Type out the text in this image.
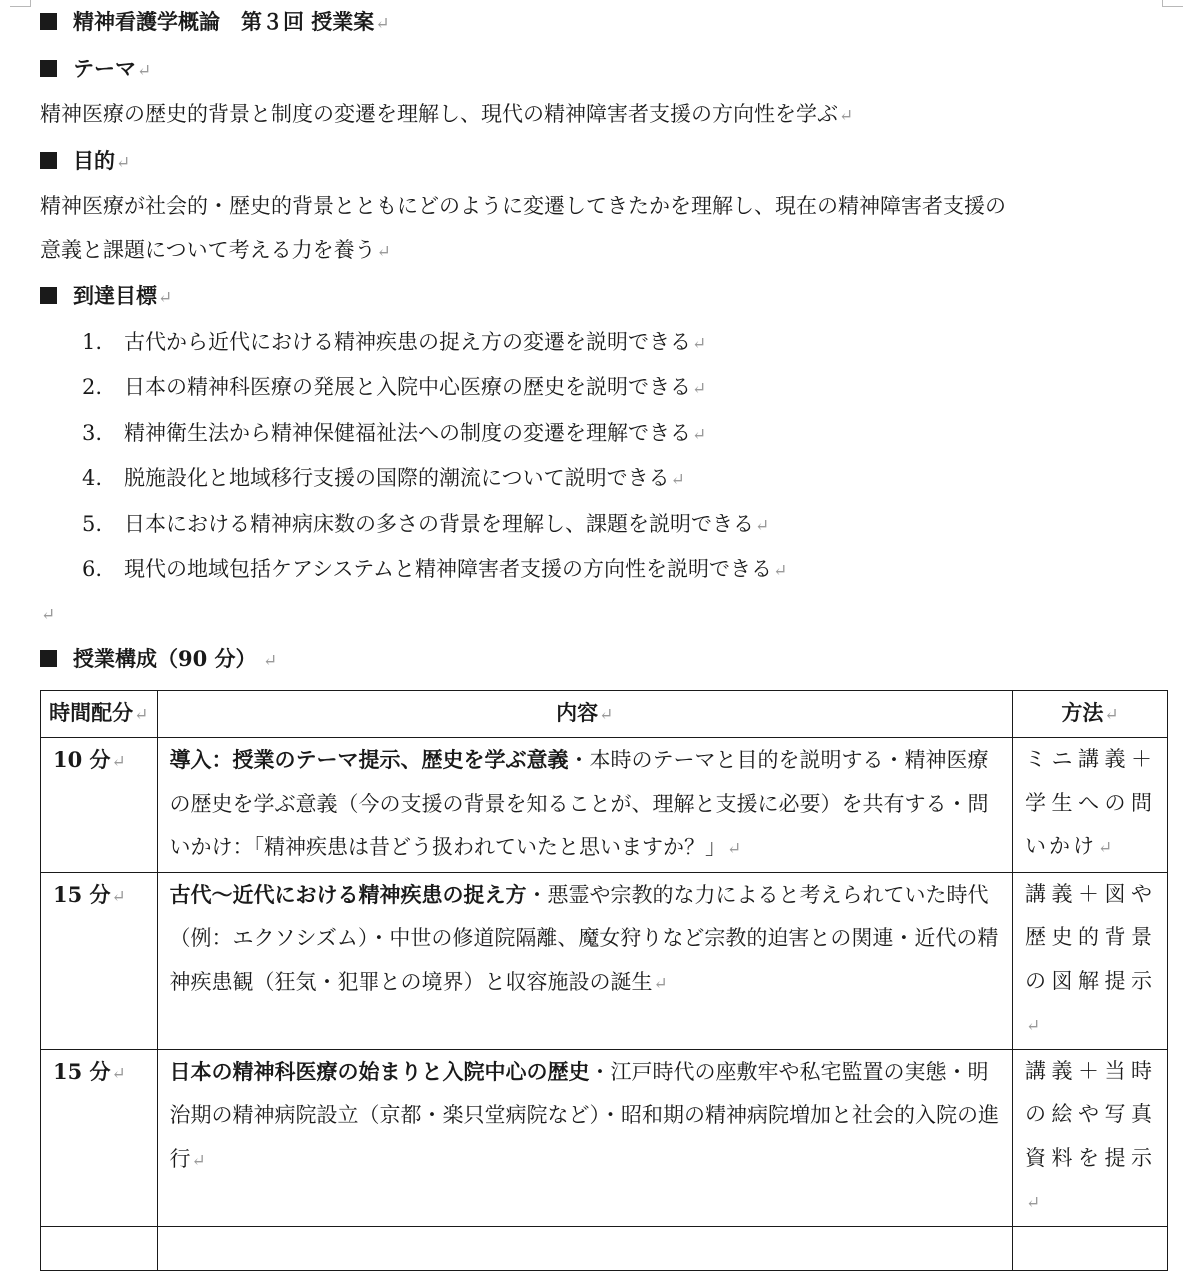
精神看護学概論　第３回 授業案↵
テーマ↵
精神医療の歴史的背景と制度の変遷を理解し、現代の精神障害者支援の方向性を学ぶ↵
目的↵
精神医療が社会的・歴史的背景とともにどのように変遷してきたかを理解し、現在の精神障害者支援の
意義と課題について考える力を養う↵
到達目標↵
1. 古代から近代における精神疾患の捉え方の変遷を説明できる↵
2. 日本の精神科医療の発展と入院中心医療の歴史を説明できる↵
3. 精神衛生法から精神保健福祉法への制度の変遷を理解できる↵
4. 脱施設化と地域移行支援の国際的潮流について説明できる↵
5. 日本における精神病床数の多さの背景を理解し、課題を説明できる↵
6. 現代の地域包括ケアシステムと精神障害者支援の方向性を説明できる↵
↵
授業構成（90 分） ↵
時間配分↵	内容↵	方法↵
10 分↵	導入：授業のテーマ提示、歴史を学ぶ意義・本時のテーマと目的を説明する・精神医療の歴史を学ぶ意義（今の支援の背景を知ることが、理解と支援に必要）を共有する・問いかけ：「精神疾患は昔どう扱われていたと思いますか？」↵	ミニ講義＋学生への問いかけ↵
15 分↵	古代〜近代における精神疾患の捉え方・悪霊や宗教的な力によると考えられていた時代（例：エクソシズム）・中世の修道院隔離、魔女狩りなど宗教的迫害との関連・近代の精神疾患観（狂気・犯罪との境界）と収容施設の誕生↵	講義＋図や歴史的背景の図解提示↵
15 分↵	日本の精神科医療の始まりと入院中心の歴史・江戸時代の座敷牢や私宅監置の実態・明治期の精神病院設立（京都・楽只堂病院など）・昭和期の精神病院増加と社会的入院の進行↵	講義＋当時の絵や写真資料を提示↵
